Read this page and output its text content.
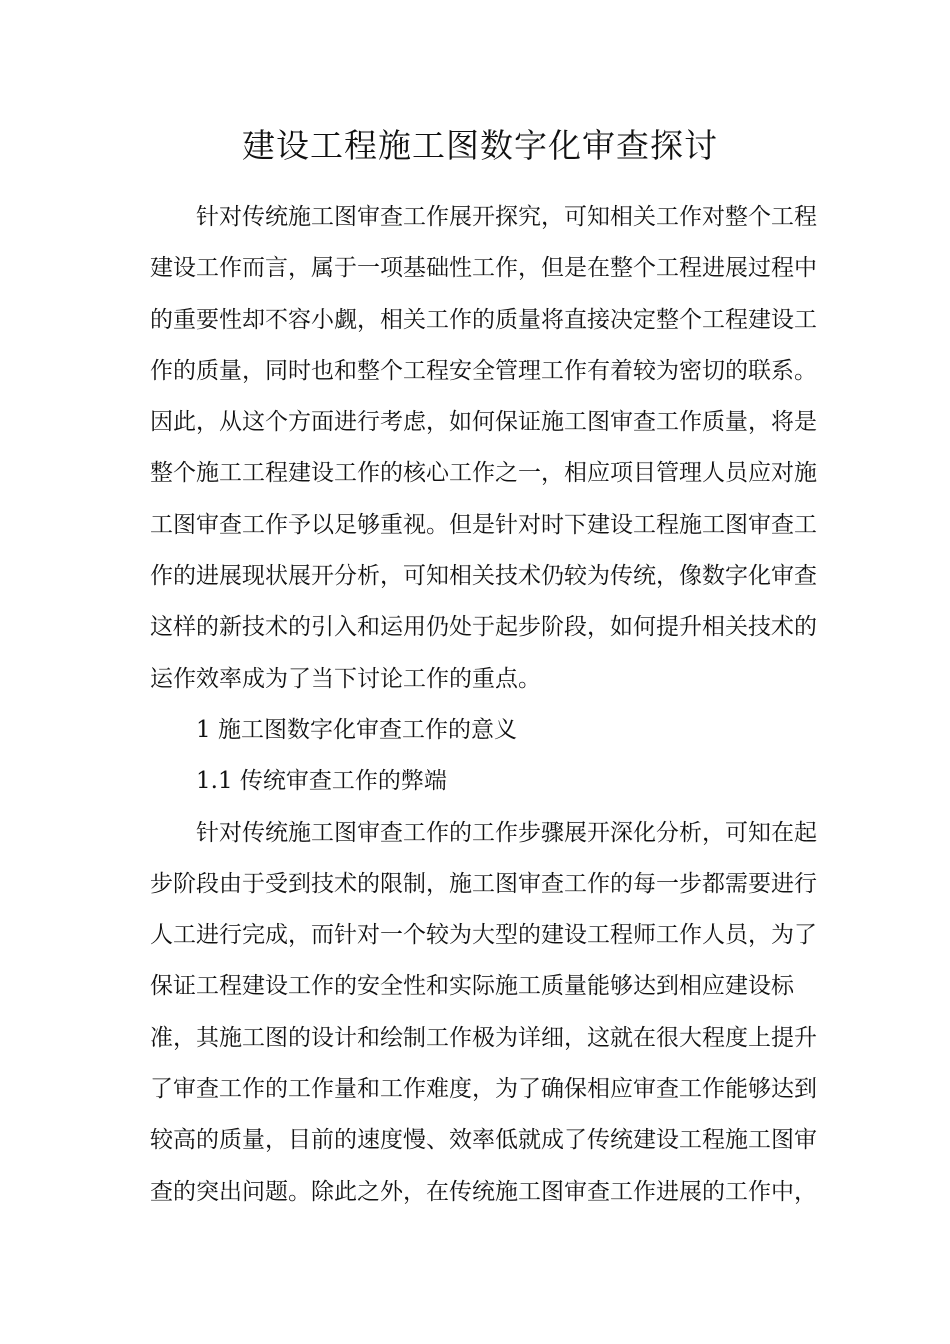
建设工程施工图数字化审查探讨
针对传统施工图审查工作展开探究，可知相关工作对整个工程
建设工作而言，属于一项基础性工作，但是在整个工程进展过程中
的重要性却不容小觑，相关工作的质量将直接决定整个工程建设工
作的质量，同时也和整个工程安全管理工作有着较为密切的联系。
因此，从这个方面进行考虑，如何保证施工图审查工作质量，将是
整个施工工程建设工作的核心工作之一，相应项目管理人员应对施
工图审查工作予以足够重视。但是针对时下建设工程施工图审查工
作的进展现状展开分析，可知相关技术仍较为传统，像数字化审查
这样的新技术的引入和运用仍处于起步阶段，如何提升相关技术的
运作效率成为了当下讨论工作的重点。
1 施工图数字化审查工作的意义
1.1 传统审查工作的弊端
针对传统施工图审查工作的工作步骤展开深化分析，可知在起
步阶段由于受到技术的限制，施工图审查工作的每一步都需要进行
人工进行完成，而针对一个较为大型的建设工程师工作人员，为了
保证工程建设工作的安全性和实际施工质量能够达到相应建设标
准，其施工图的设计和绘制工作极为详细，这就在很大程度上提升
了审查工作的工作量和工作难度，为了确保相应审查工作能够达到
较高的质量，目前的速度慢、效率低就成了传统建设工程施工图审
查的突出问题。除此之外，在传统施工图审查工作进展的工作中，
